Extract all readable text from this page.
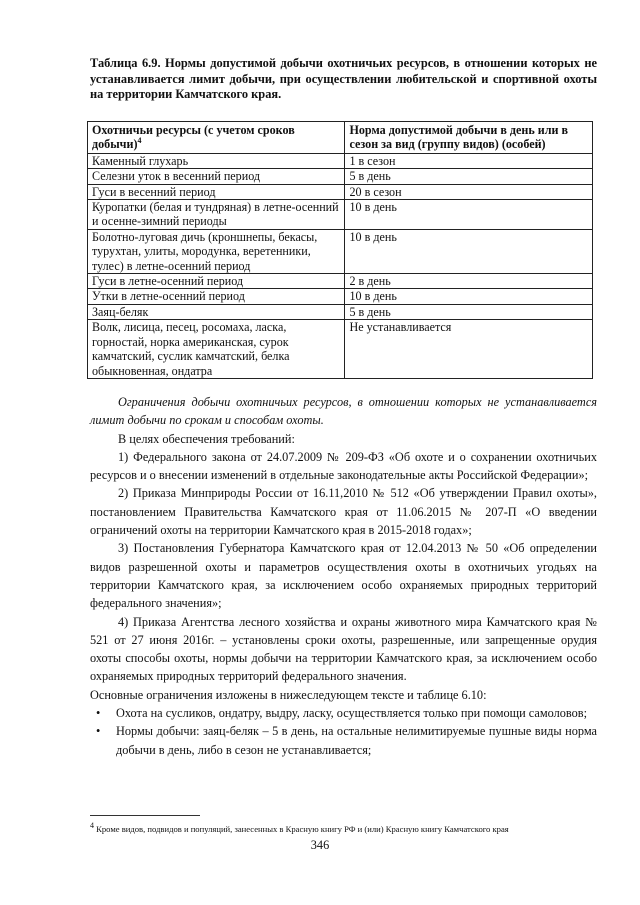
Таблица 6.9. Нормы допустимой добычи охотничьих ресурсов, в отношении которых не устанавливается лимит добычи, при осуществлении любительской и спортивной охоты на территории Камчатского края.
Охотничьи ресурсы (с учетом сроков добычи)$^4$	Норма допустимой добычи в день или в сезон за вид (группу видов) (особей)
Каменный глухарь	1 в сезон
Селезни уток в весенний период	5 в день
Гуси в весенний период	20 в сезон
Куропатки (белая и тундряная) в летне-осенний и осенне-зимний периоды	10 в день
Болотно-луговая дичь (кроншнепы, бекасы, турухтан, улиты, мородунка, веретенники, тулес) в летне-осенний период	10 в день
Гуси в летне-осенний период	2 в день
Утки в летне-осенний период	10 в день
Заяц-беляк	5 в день
Волк, лисица, песец, росомаха, ласка, горностай, норка американская, сурок камчатский, суслик камчатский, белка обыкновенная, ондатра	Не устанавливается

Ограничения добычи охотничьих ресурсов, в отношении которых не устанавливается лимит добычи по срокам и способам охоты.

В целях обеспечения требований:

1) Федерального закона от 24.07.2009 № 209-ФЗ «Об охоте и о сохранении охотничьих ресурсов и о внесении изменений в отдельные законодательные акты Российской Федерации»;

2) Приказа Минприроды России от 16.11,2010 № 512 «Об утверждении Правил охоты», постановлением Правительства Камчатского края от 11.06.2015 № 207-П «О введении ограничений охоты на территории Камчатского края в 2015-2018 годах»;

3) Постановления Губернатора Камчатского края от 12.04.2013 № 50 «Об определении видов разрешенной охоты и параметров осуществления охоты в охотничьих угодьях на территории Камчатского края, за исключением особо охраняемых природных территорий федерального значения»;

4) Приказа Агентства лесного хозяйства и охраны животного мира Камчатского края № 521 от 27 июня 2016г. – установлены сроки охоты, разрешенные, или запрещенные орудия охоты способы охоты, нормы добычи на территории Камчатского края, за исключением особо охраняемых природных территорий федерального значения.

Основные ограничения изложены в нижеследующем тексте и таблице 6.10:

• Охота на сусликов, ондатру, выдру, ласку, осуществляется только при помощи самоловов;
• Нормы добычи: заяц-беляк – 5 в день, на остальные нелимитируемые пушные виды норма добычи в день, либо в сезон не устанавливается;
$^4$ Кроме видов, подвидов и популяций, занесенных в Красную книгу РФ и (или) Красную книгу Камчатского края
346
